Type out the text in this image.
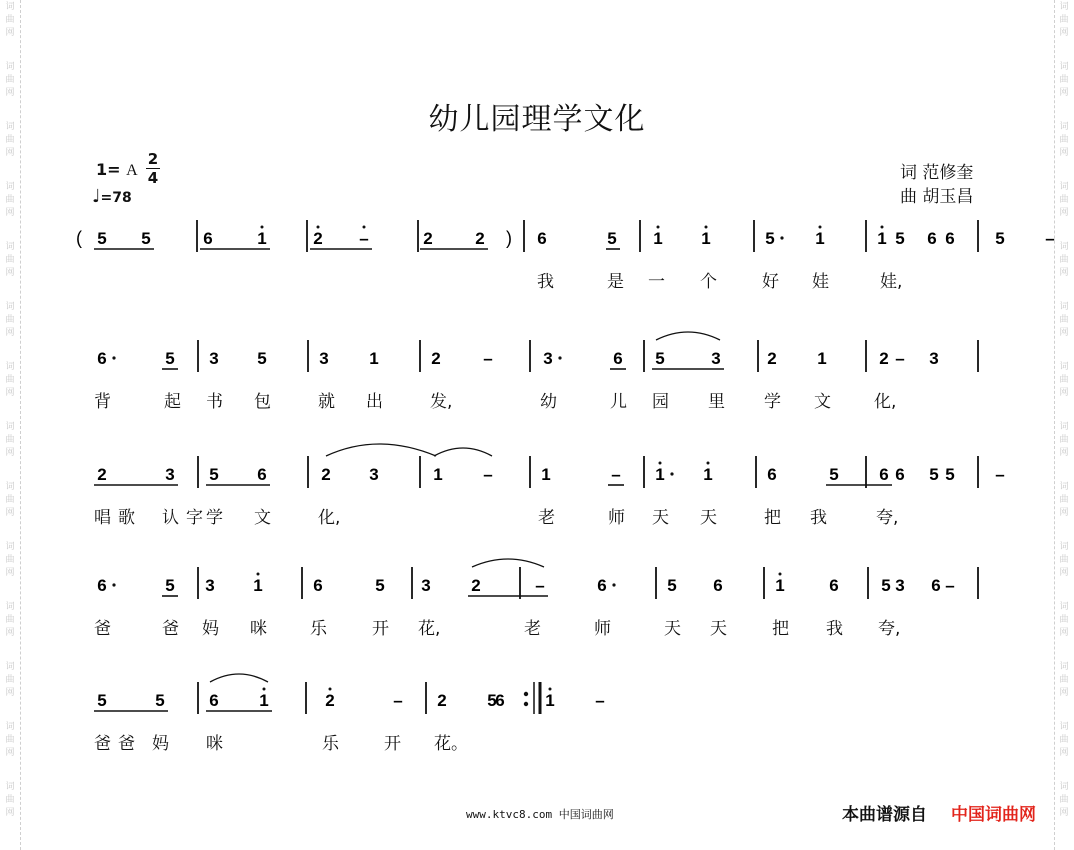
词
曲
网
词
曲
网
词
曲
网
词
曲
网
词
曲
网
词
曲
网
词
曲
网
词
曲
网
词
曲
网
词
曲
网
词
曲
网
词
曲
网
词
曲
网
词
曲
网
词
曲
网
词
曲
网
词
曲
网
词
曲
网
词
曲
网
词
曲
网
词
曲
网
词
曲
网
词
曲
网
词
曲
网
词
曲
网
词
曲
网
词
曲
网
词
曲
网
幼儿园理学文化
1= A $\frac{2}{4}$
♩=78
词 范修奎
曲 胡玉昌
(	)
5 5	6	1	2 –	2	2	6	5 1 1	5 1	1 6
5 6 5 –
6	5 3 5	3 1	2	–	3	6 5	3	2 1	2 3
–
2	3 5 6	2 3	1 –	1	– 1 1	6	5 6 5
6 5 –
6	5 3 1	6	5 3 2	–	6	5 6	1	6	5 6
3 –
5	5	6 1	2	– 2 5
6 1 –
我	是 一 个	好 娃	娃,
背	起 书 包	就 出	发,	幼	儿 园 里 学 文	化,
唱 歌 认 字 学 文	化,	老	师 天 天	把 我	夸,
爸	爸 妈 咪	乐	开 花,	老	师	天 天	把 我 夸,
爸 爸 妈 咪	乐	开 花。
www.ktvc8.com 中国词曲网	本曲谱源自 中国词曲网
